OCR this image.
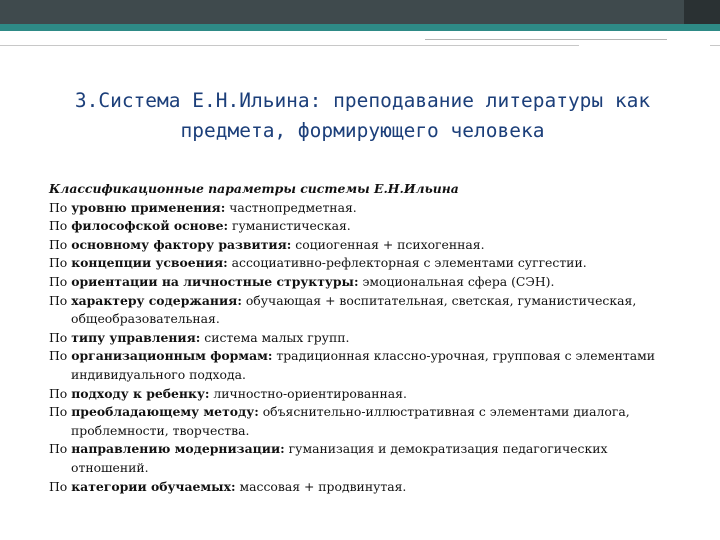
3.Система Е.Н.Ильина: преподавание литературы как предмета, формирующего человека

Классификационные параметры системы Е.Н.Ильина

По уровню применения: частнопредметная.

По философской основе: гуманистическая.

По основному фактору развития: социогенная + психогенная.

По концепции усвоения: ассоциативно-рефлекторная с элементами суггестии.

По ориентации на личностные структуры: эмоциональная сфера (СЭН).

По характеру содержания: обучающая + воспитательная, светская, гуманистическая, общеобразовательная.

По типу управления: система малых групп.

По организационным формам: традиционная классно-урочная, групповая с элементами индивидуального подхода.

По подходу к ребенку: личностно-ориентированная.

По преобладающему методу: объяснительно-иллюстративная с элементами диалога, проблемности, творчества.

По направлению модернизации: гуманизация и демократизация педагогических отношений.

По категории обучаемых: массовая + продвинутая.
